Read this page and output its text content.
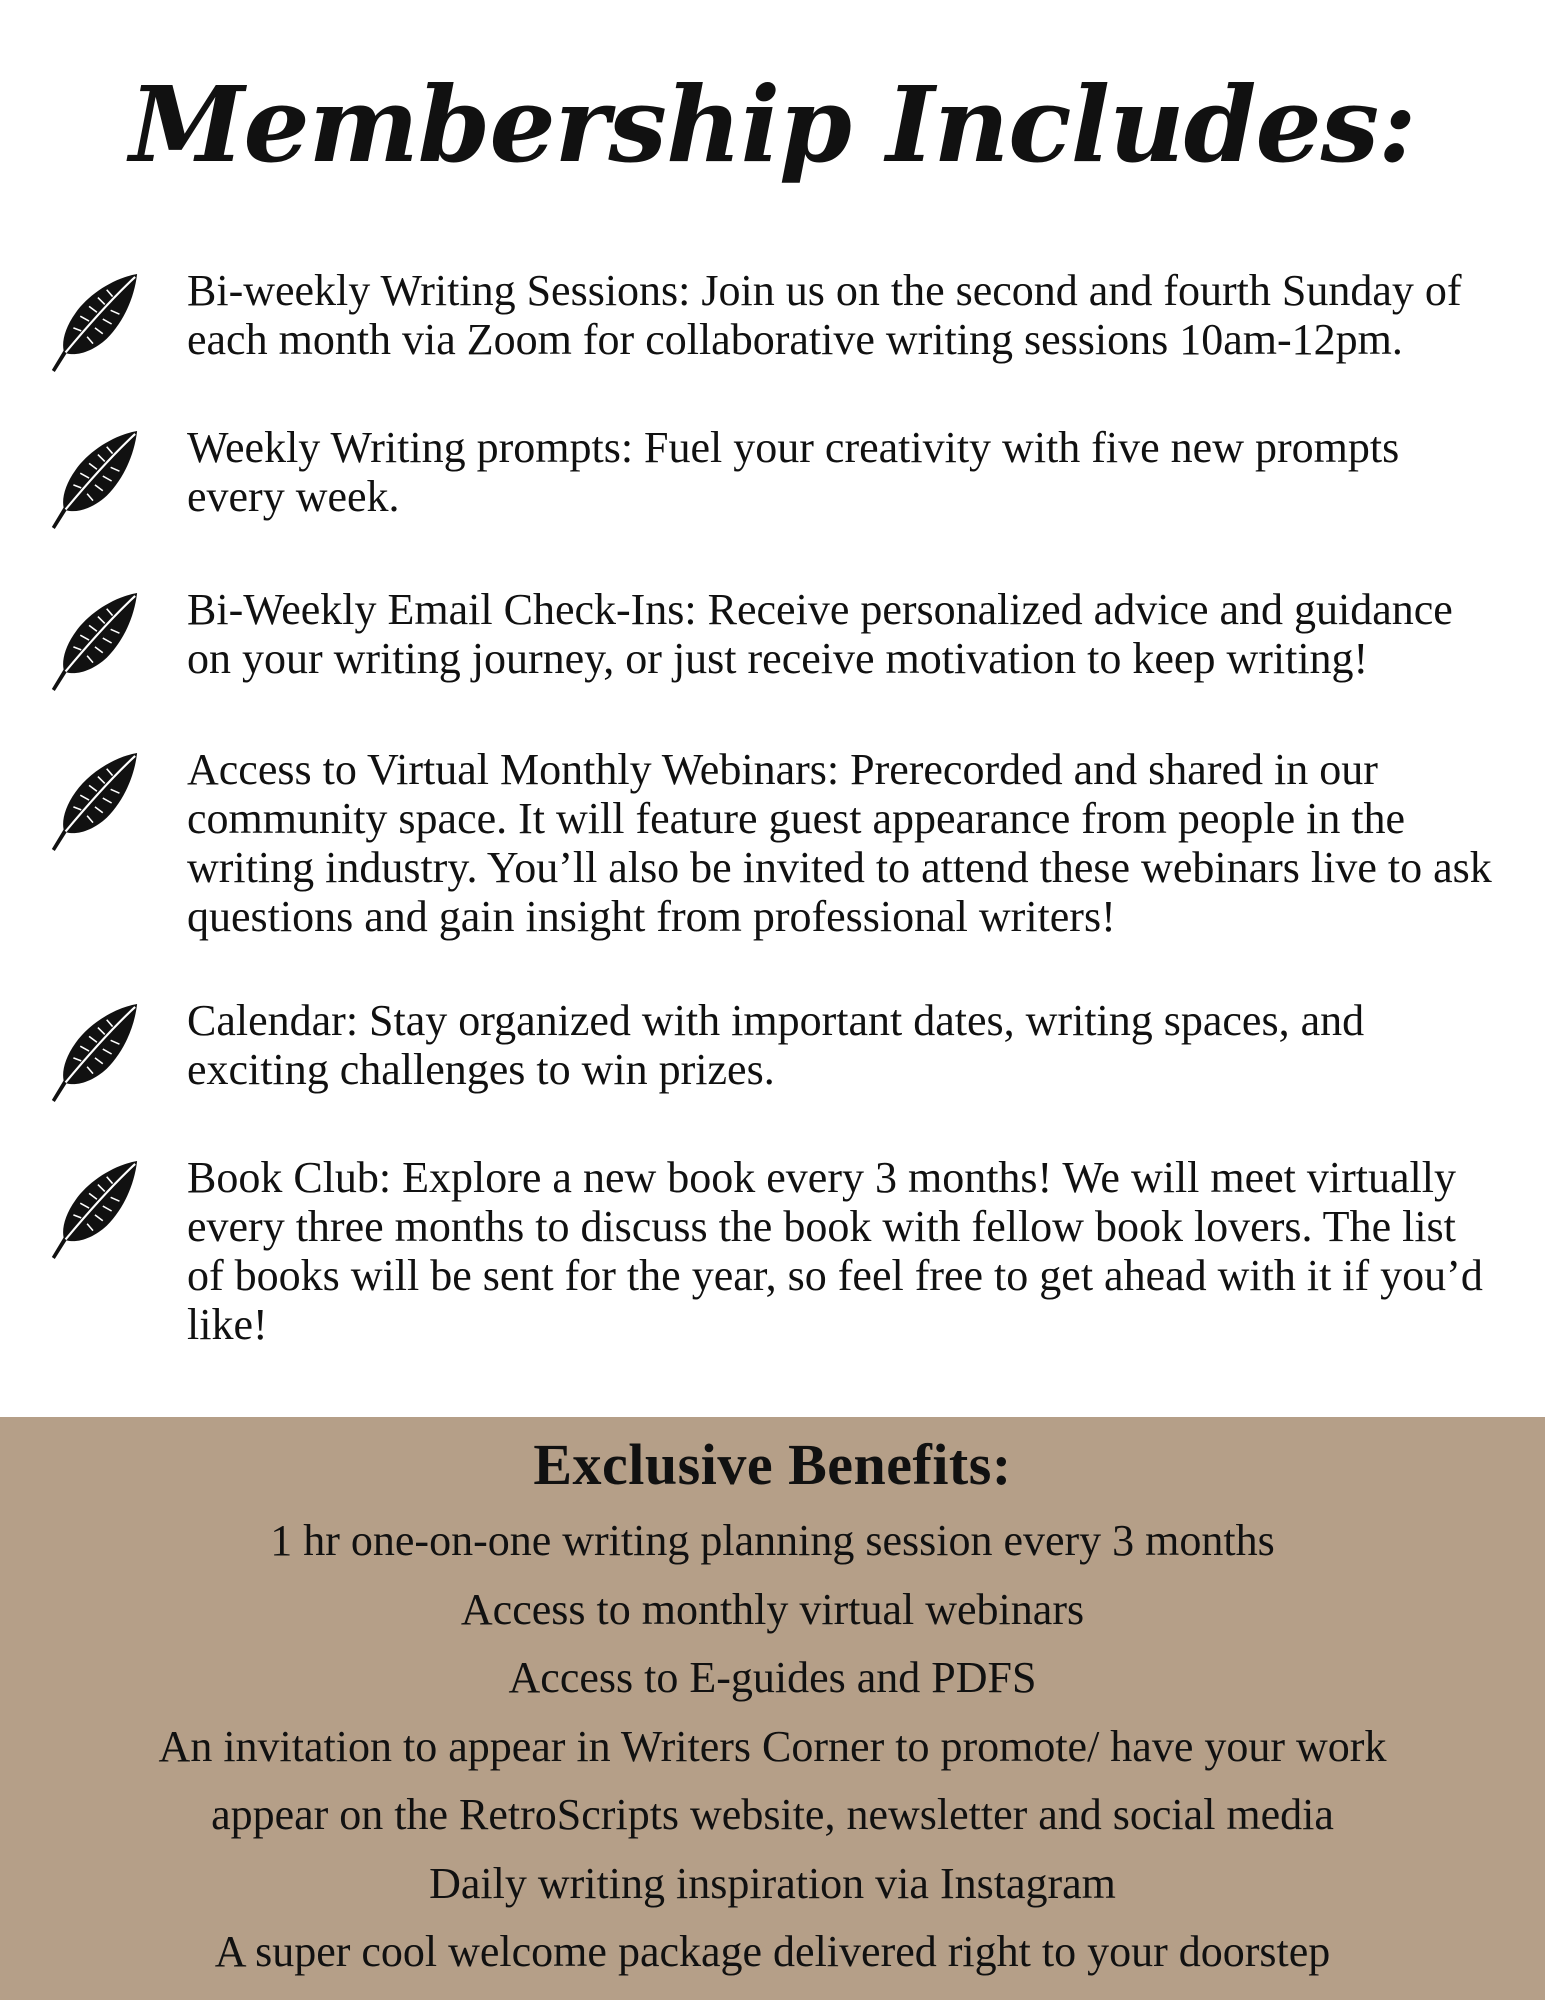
Membership Includes:

Bi-weekly Writing Sessions: Join us on the second and fourth Sunday of each month via Zoom for collaborative writing sessions 10am-12pm.

Weekly Writing prompts: Fuel your creativity with five new prompts every week.

Bi-Weekly Email Check-Ins: Receive personalized advice and guidance on your writing journey, or just receive motivation to keep writing!

Access to Virtual Monthly Webinars: Prerecorded and shared in our community space. It will feature guest appearance from people in the writing industry. You’ll also be invited to attend these webinars live to ask questions and gain insight from professional writers!

Calendar: Stay organized with important dates, writing spaces, and exciting challenges to win prizes.

Book Club: Explore a new book every 3 months! We will meet virtually every three months to discuss the book with fellow book lovers. The list of books will be sent for the year, so feel free to get ahead with it if you’d like!

Exclusive Benefits:
1 hr one-on-one writing planning session every 3 months
Access to monthly virtual webinars
Access to E-guides and PDFS
An invitation to appear in Writers Corner to promote/ have your work
appear on the RetroScripts website, newsletter and social media
Daily writing inspiration via Instagram
A super cool welcome package delivered right to your doorstep
